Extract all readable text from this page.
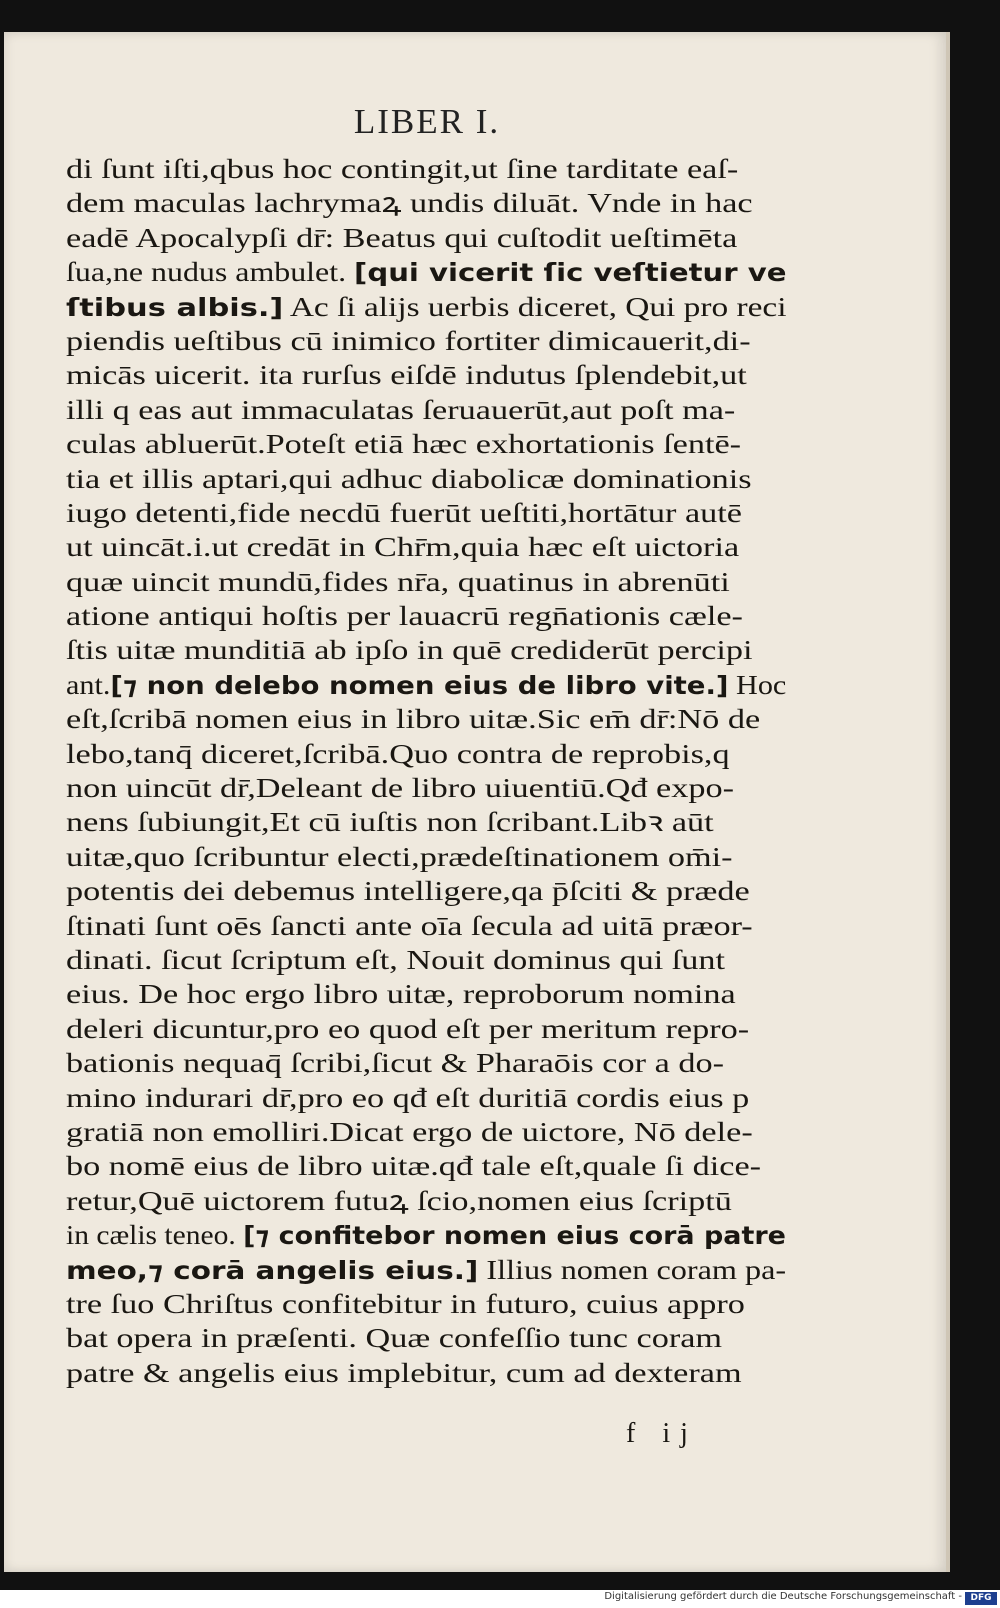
LIBER I.
di ſunt iſti,qbus hoc contingit,ut ſine tarditate eaſ-
dem maculas lachrymaꝝ undis diluāt. Vnde in hac
eadē Apocalypſi dr̄: Beatus qui cuſtodit ueſtimēta
ſua,ne nudus ambulet. [qui vicerit ſic veſtietur ve
ſtibus albis.] Ac ſi alijs uerbis diceret, Qui pro reci
piendis ueſtibus cū inimico fortiter dimicauerit,di-
micās uicerit. ita rurſus eiſdē indutus ſplendebit,ut
illi q eas aut immaculatas ſeruauerūt,aut poſt ma-
culas abluerūt.Poteſt etiā hæc exhortationis ſentē-
tia et illis aptari,qui adhuc diabolicæ dominationis
iugo detenti,fide necdū fuerūt ueſtiti,hortātur autē
ut uincāt.i.ut credāt in Chr̄m,quia hæc eſt uictoria
quæ uincit mundū,fides nr̄a, quatinus in abrenūti
atione antiqui hoſtis per lauacrū regn̄ationis cæle-
ſtis uitæ munditiā ab ipſo in quē crediderūt percipi
ant.[⁊ non delebo nomen eius de libro vite.] Hoc
eſt,ſcribā nomen eius in libro uitæ.Sic em̄ dr̄:Nō de
lebo,tanq̄ diceret,ſcribā.Quo contra de reprobis,q
non uincūt dr̄,Deleant de libro uiuentiū.Qđ expo-
nens ſubiungit,Et cū iuſtis non ſcribant.Libꝛ aūt
uitæ,quo ſcribuntur electi,prædeſtinationem om̄i-
potentis dei debemus intelligere,qa p̄ſciti & præde
ſtinati ſunt oēs ſancti ante oīa ſecula ad uitā præor-
dinati. ſicut ſcriptum eſt, Nouit dominus qui ſunt
eius. De hoc ergo libro uitæ, reproborum nomina
deleri dicuntur,pro eo quod eſt per meritum repro-
bationis nequaq̄ ſcribi,ſicut & Pharaōis cor a do-
mino indurari dr̄,pro eo qđ eſt duritiā cordis eius p
gratiā non emolliri.Dicat ergo de uictore, Nō dele-
bo nomē eius de libro uitæ.qđ tale eſt,quale ſi dice-
retur,Quē uictorem futuꝝ ſcio,nomen eius ſcriptū
in cælis teneo. [⁊ confitebor nomen eius corā patre
meo,⁊ corā angelis eius.] Illius nomen coram pa-
tre ſuo Chriſtus confitebitur in futuro, cuius appro
bat opera in præſenti. Quæ confeſſio tunc coram
patre & angelis eius implebitur, cum ad dexteram
f ij
Digitalisierung gefördert durch die Deutsche Forschungsgemeinschaft - DFG
